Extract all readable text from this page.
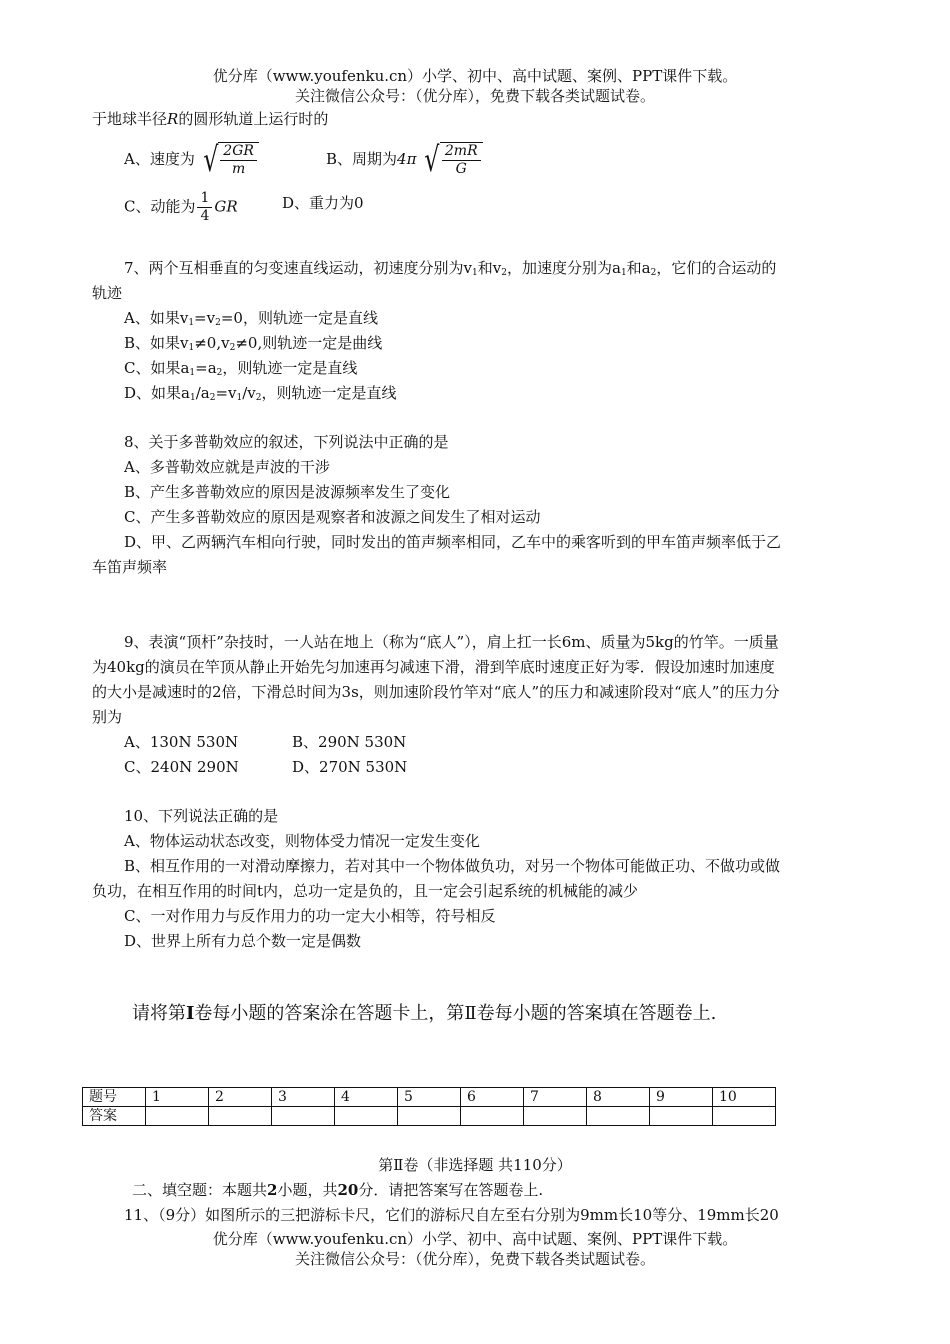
优分库（www.youfenku.cn）小学、初中、高中试题、案例、PPT课件下载。
关注微信公众号：（优分库），免费下载各类试题试卷。
于地球半径R的圆形轨道上运行时的
A、速度为 √ $\frac{2GR}{m}$	B、周期为4π √ $\frac{2mR}{G}$
C、动能为 $\frac{1}{4}$ GR	D、重力为0
7、两个互相垂直的匀变速直线运动，初速度分别为$v_1$和$v_2$，加速度分别为$a_1$和$a_2$，它们的合运动的
轨迹
A、如果$v_1=v_2=0$，则轨迹一定是直线
B、如果$v_1\ne 0,v_2\ne 0$,则轨迹一定是曲线
C、如果$a_1=a_2$，则轨迹一定是直线
D、如果$a_1/a_2=v_1/v_2$，则轨迹一定是直线
8、关于多普勒效应的叙述，下列说法中正确的是
A、多普勒效应就是声波的干涉
B、产生多普勒效应的原因是波源频率发生了变化
C、产生多普勒效应的原因是观察者和波源之间发生了相对运动
D、甲、乙两辆汽车相向行驶，同时发出的笛声频率相同，乙车中的乘客听到的甲车笛声频率低于乙
车笛声频率
9、表演“顶杆”杂技时，一人站在地上（称为“底人”），肩上扛一长6m、质量为5kg的竹竿。一质量
为40kg的演员在竿顶从静止开始先匀加速再匀减速下滑，滑到竿底时速度正好为零．假设加速时加速度
的大小是减速时的2倍，下滑总时间为3s，则加速阶段竹竿对“底人”的压力和减速阶段对“底人”的压力分
别为
A、130N 530N	B、290N 530N
C、240N 290N	D、270N 530N
10、下列说法正确的是
A、物体运动状态改变，则物体受力情况一定发生变化
B、相互作用的一对滑动摩擦力，若对其中一个物体做负功，对另一个物体可能做正功、不做功或做
负功，在相互作用的时间t内，总功一定是负的，且一定会引起系统的机械能的减少
C、一对作用力与反作用力的功一定大小相等，符号相反
D、世界上所有力总个数一定是偶数
请将第I卷每小题的答案涂在答题卡上，第Ⅱ卷每小题的答案填在答题卷上.
题号	1	2	3	4	5	6	7	8	9	10
答案										
第Ⅱ卷（非选择题 共110分）
二、填空题：本题共2小题，共20分．请把答案写在答题卷上.
11、（9分）如图所示的三把游标卡尺，它们的游标尺自左至右分别为9mm长10等分、19mm长20
优分库（www.youfenku.cn）小学、初中、高中试题、案例、PPT课件下载。
关注微信公众号：（优分库），免费下载各类试题试卷。
